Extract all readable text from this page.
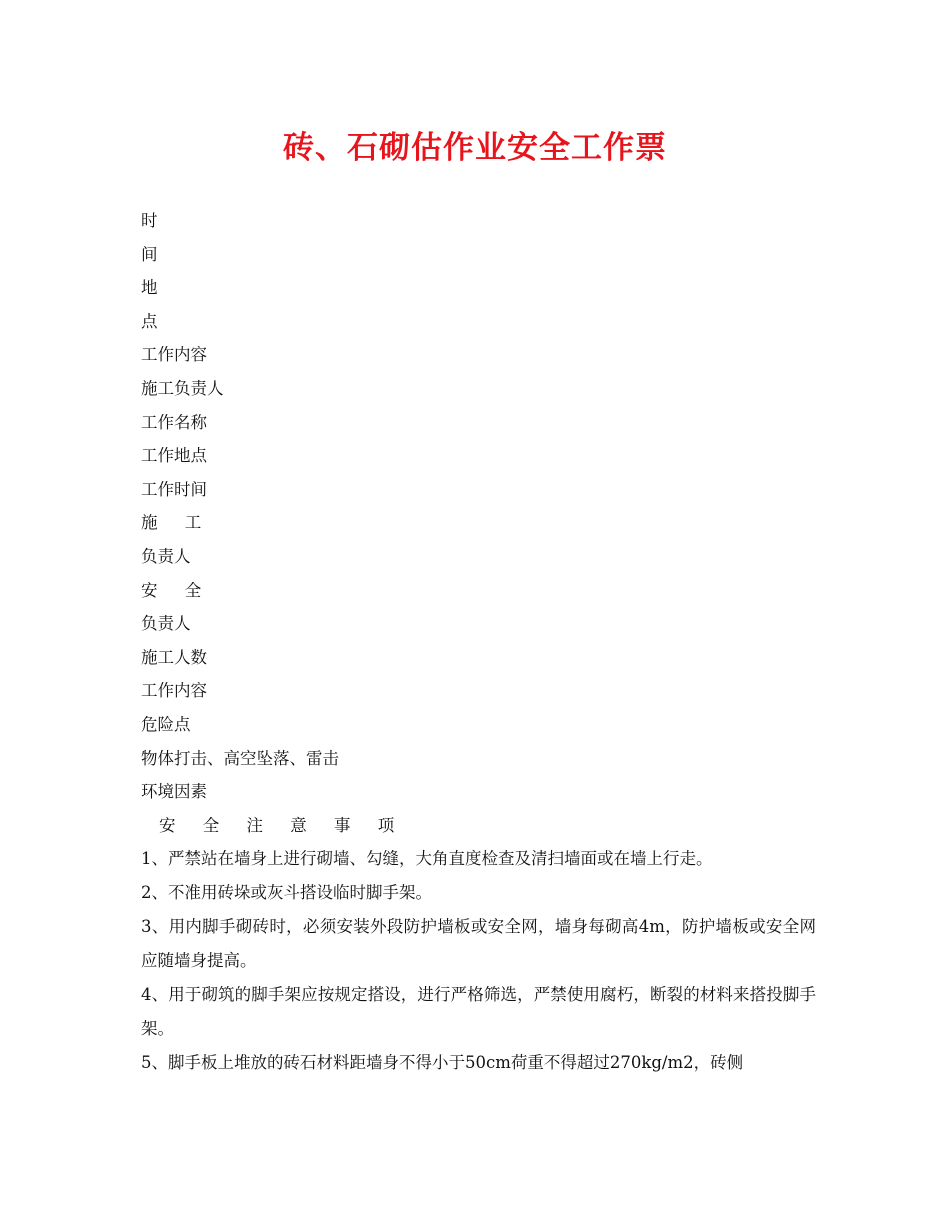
砖、石砌估作业安全工作票
时
间
地
点
工作内容
施工负责人
工作名称
工作地点
工作时间
施 工
负责人
安 全
负责人
施工人数
工作内容
危险点
物体打击、高空坠落、雷击
环境因素
安 全 注 意 事 项

1、严禁站在墙身上进行砌墙、勾缝，大角直度检查及清扫墙面或在墙上行走。

2、不准用砖垛或灰斗搭设临时脚手架。

3、用内脚手砌砖时，必须安装外段防护墙板或安全网，墙身每砌高4m，防护墙板或安全网应随墙身提高。

4、用于砌筑的脚手架应按规定搭设，进行严格筛选，严禁使用腐朽，断裂的材料来搭投脚手架。

5、脚手板上堆放的砖石材料距墙身不得小于50cm荷重不得超过270kg/m2，砖侧
